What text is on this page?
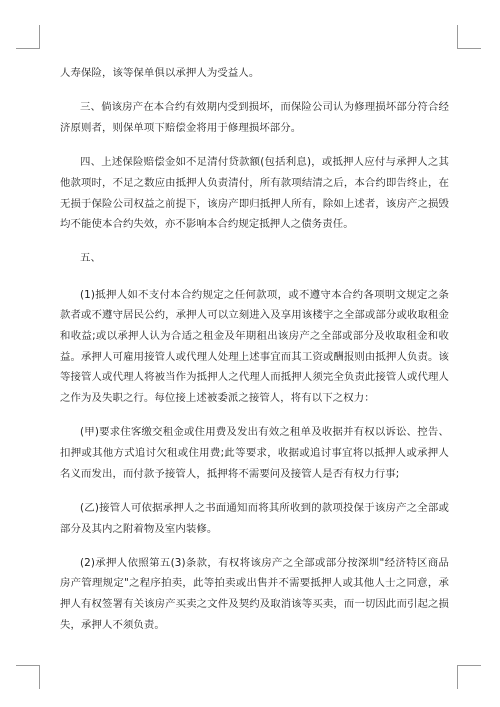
人寿保险，该等保单俱以承押人为受益人。

三、倘该房产在本合约有效期内受到损坏，而保险公司认为修理损坏部分符合经济原则者，则保单项下赔偿金将用于修理损坏部分。

四、上述保险赔偿金如不足清付贷款额(包括利息)，或抵押人应付与承押人之其他款项时，不足之数应由抵押人负责清付，所有款项结清之后，本合约即告终止，在无损于保险公司权益之前提下，该房产即归抵押人所有，除如上述者，该房产之损毁均不能使本合约失效，亦不影响本合约规定抵押人之债务责任。

五、

(1)抵押人如不支付本合约规定之任何款项，或不遵守本合约各项明文规定之条款者或不遵守居民公约，承押人可以立刻进入及享用该楼宇之全部或部分或收取租金和收益;或以承押人认为合适之租金及年期租出该房产之全部或部分及收取租金和收益。承押人可雇用接管人或代理人处理上述事宜而其工资或酬报则由抵押人负责。该等接管人或代理人将被当作为抵押人之代理人而抵押人须完全负责此接管人或代理人之作为及失职之行。每位接上述被委派之接管人，将有以下之权力：

(甲)要求住客缴交租金或住用费及发出有效之租单及收据并有权以诉讼、控告、扣押或其他方式追讨欠租或住用费;此等要求，收据或追讨事宜将以抵押人或承押人名义而发出，而付款予接管人，抵押将不需要问及接管人是否有权力行事;

(乙)接管人可依据承押人之书面通知而将其所收到的款项投保于该房产之全部或部分及其内之附着物及室内装修。

(2)承押人依照第五(3)条款，有权将该房产之全部或部分按深圳"经济特区商品房产管理规定"之程序拍卖，此等拍卖或出售并不需要抵押人或其他人士之同意，承押人有权签署有关该房产买卖之文件及契约及取消该等买卖，而一切因此而引起之损失，承押人不须负责。
